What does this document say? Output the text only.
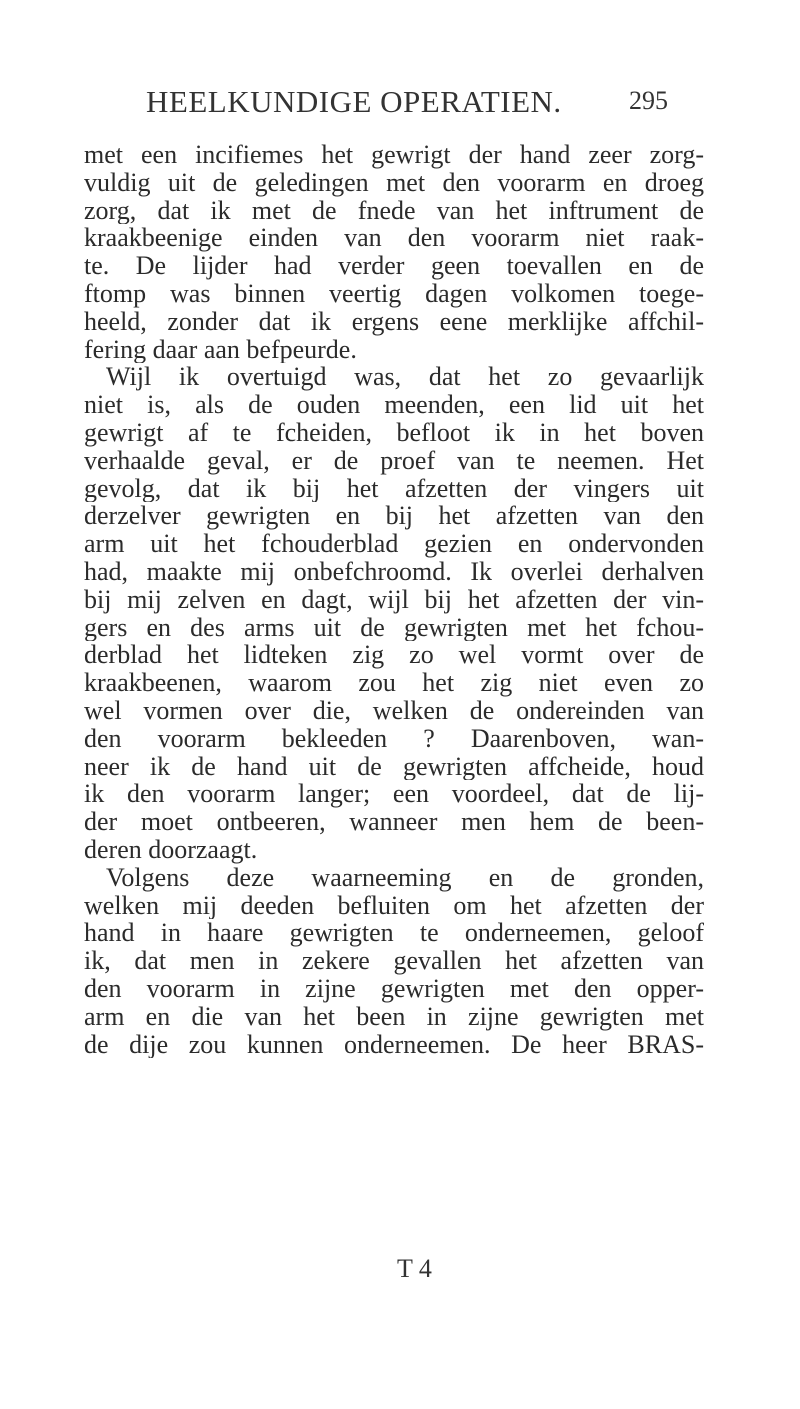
HEELKUNDIGE OPERATIEN.	295
met een incifiemes het gewrigt der hand zeer zorg-
vuldig uit de geledingen met den voorarm en droeg
zorg, dat ik met de fnede van het inftrument de
kraakbeenige einden van den voorarm niet raak-
te. De lijder had verder geen toevallen en de
ftomp was binnen veertig dagen volkomen toege-
heeld, zonder dat ik ergens eene merklijke affchil-
fering daar aan befpeurde.
Wijl ik overtuigd was, dat het zo gevaarlijk
niet is, als de ouden meenden, een lid uit het
gewrigt af te fcheiden, befloot ik in het boven
verhaalde geval, er de proef van te neemen. Het
gevolg, dat ik bij het afzetten der vingers uit
derzelver gewrigten en bij het afzetten van den
arm uit het fchouderblad gezien en ondervonden
had, maakte mij onbefchroomd. Ik overlei derhalven
bij mij zelven en dagt, wijl bij het afzetten der vin-
gers en des arms uit de gewrigten met het fchou-
derblad het lidteken zig zo wel vormt over de
kraakbeenen, waarom zou het zig niet even zo
wel vormen over die, welken de ondereinden van
den voorarm bekleeden ? Daarenboven, wan-
neer ik de hand uit de gewrigten affcheide, houd
ik den voorarm langer; een voordeel, dat de lij-
der moet ontbeeren, wanneer men hem de been-
deren doorzaagt.
Volgens deze waarneeming en de gronden,
welken mij deeden befluiten om het afzetten der
hand in haare gewrigten te onderneemen, geloof
ik, dat men in zekere gevallen het afzetten van
den voorarm in zijne gewrigten met den opper-
arm en die van het been in zijne gewrigten met
de dije zou kunnen onderneemen. De heer BRAS-
T 4
